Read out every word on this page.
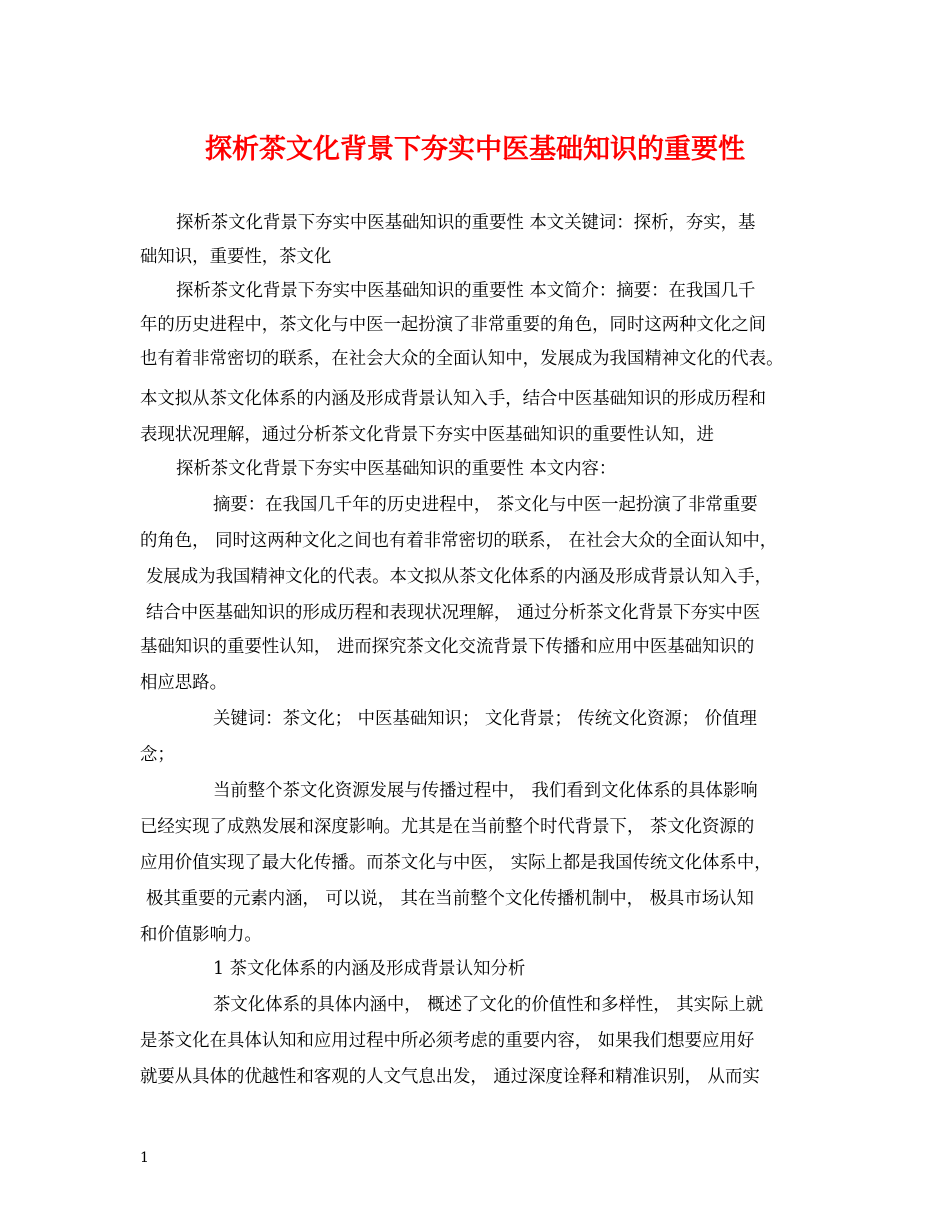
探析茶文化背景下夯实中医基础知识的重要性
探析茶文化背景下夯实中医基础知识的重要性 本文关键词：探析，夯实，基
础知识，重要性，茶文化
探析茶文化背景下夯实中医基础知识的重要性 本文简介：摘要：在我国几千
年的历史进程中，茶文化与中医一起扮演了非常重要的角色，同时这两种文化之间
也有着非常密切的联系，在社会大众的全面认知中，发展成为我国精神文化的代表。
本文拟从茶文化体系的内涵及形成背景认知入手，结合中医基础知识的形成历程和
表现状况理解，通过分析茶文化背景下夯实中医基础知识的重要性认知，进
探析茶文化背景下夯实中医基础知识的重要性 本文内容：
摘要：在我国几千年的历史进程中， 茶文化与中医一起扮演了非常重要
的角色， 同时这两种文化之间也有着非常密切的联系， 在社会大众的全面认知中，
发展成为我国精神文化的代表。本文拟从茶文化体系的内涵及形成背景认知入手，
结合中医基础知识的形成历程和表现状况理解， 通过分析茶文化背景下夯实中医
基础知识的重要性认知， 进而探究茶文化交流背景下传播和应用中医基础知识的
相应思路。
关键词：茶文化； 中医基础知识； 文化背景； 传统文化资源； 价值理
念；
当前整个茶文化资源发展与传播过程中， 我们看到文化体系的具体影响
已经实现了成熟发展和深度影响。尤其是在当前整个时代背景下， 茶文化资源的
应用价值实现了最大化传播。而茶文化与中医， 实际上都是我国传统文化体系中，
极其重要的元素内涵， 可以说， 其在当前整个文化传播机制中， 极具市场认知
和价值影响力。
1 茶文化体系的内涵及形成背景认知分析
茶文化体系的具体内涵中， 概述了文化的价值性和多样性， 其实际上就
是茶文化在具体认知和应用过程中所必须考虑的重要内容， 如果我们想要应用好
就要从具体的优越性和客观的人文气息出发， 通过深度诠释和精准识别， 从而实
1
